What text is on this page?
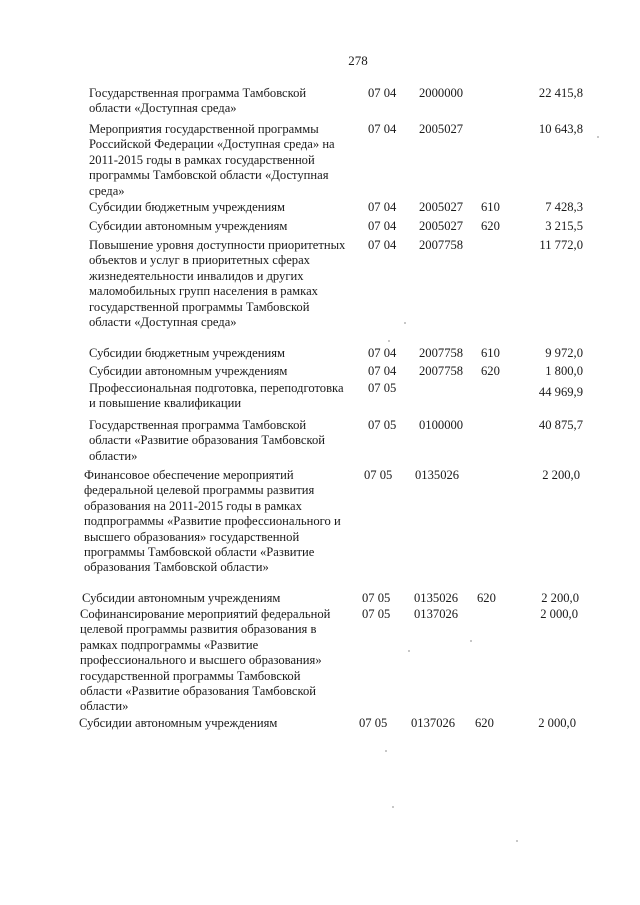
278
Государственная программа Тамбовской области «Доступная среда»
07 04 2000000	22 415,8
Мероприятия государственной программы Российской Федерации «Доступная среда» на 2011-2015 годы в рамках государственной программы Тамбовской области «Доступная среда»
07 04 2005027	10 643,8
Субсидии бюджетным учреждениям	07 04 2005027 610	7 428,3
Субсидии автономным учреждениям	07 04 2005027 620	3 215,5
Повышение уровня доступности приоритетных объектов и услуг в приоритетных сферах жизнедеятельности инвалидов и других маломобильных групп населения в рамках государственной программы Тамбовской области «Доступная среда»
07 04 2007758	11 772,0
Субсидии бюджетным учреждениям	07 04 2007758 610	9 972,0
Субсидии автономным учреждениям	07 04 2007758 620	1 800,0
Профессиональная подготовка, переподготовка и повышение квалификации
07 05	44 969,9
Государственная программа Тамбовской области «Развитие образования Тамбовской области»
07 05 0100000	40 875,7
Финансовое обеспечение мероприятий федеральной целевой программы развития образования на 2011-2015 годы в рамках подпрограммы «Развитие профессионального и высшего образования» государственной программы Тамбовской области «Развитие образования Тамбовской области»
07 05 0135026	2 200,0
Субсидии автономным учреждениям	07 05 0135026 620	2 200,0
Софинансирование мероприятий федеральной целевой программы развития образования в рамках подпрограммы «Развитие профессионального и высшего образования» государственной программы Тамбовской области «Развитие образования Тамбовской области»
07 05 0137026	2 000,0
Субсидии автономным учреждениям	07 05 0137026 620	2 000,0
